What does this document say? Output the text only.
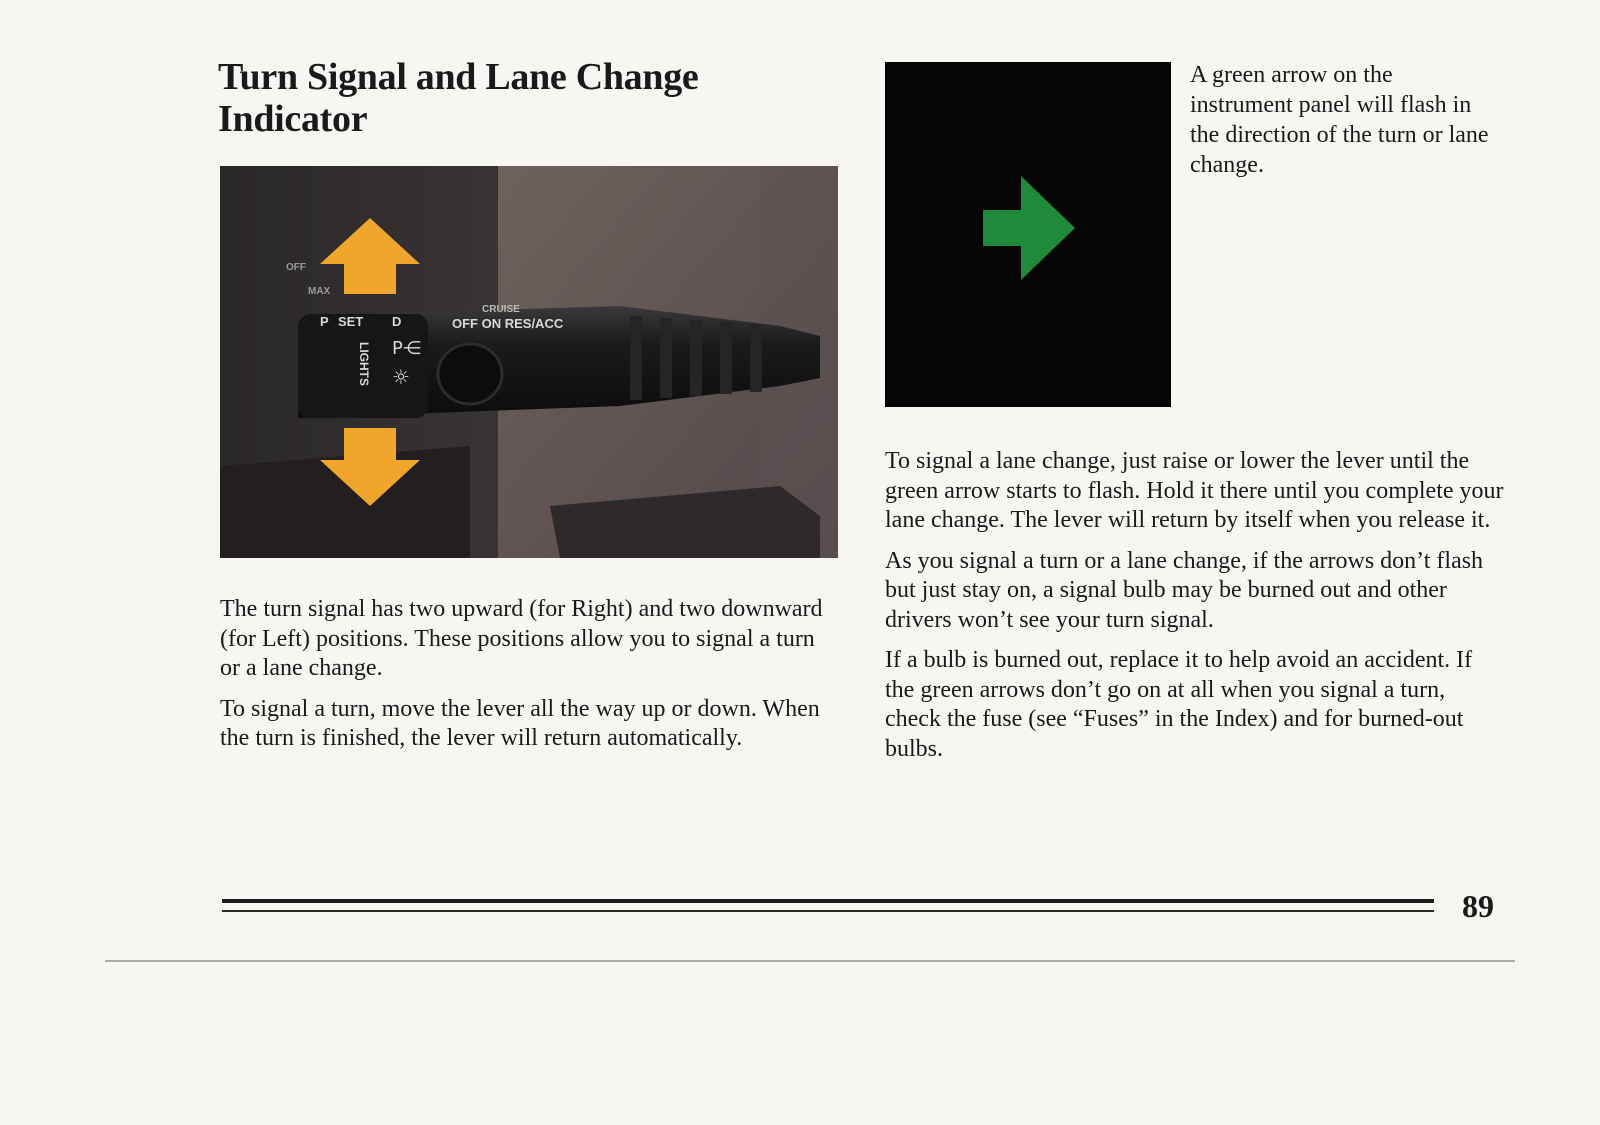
Turn Signal and Lane Change Indicator
P SET D
CRUISE
OFF ON RES/ACC
LIGHTS
OFF
MAX
P⋲
☼

A green arrow on the instrument panel will flash in the direction of the turn or lane change.

The turn signal has two upward (for Right) and two downward (for Left) positions. These positions allow you to signal a turn or a lane change.

To signal a turn, move the lever all the way up or down. When the turn is finished, the lever will return automatically.

To signal a lane change, just raise or lower the lever until the green arrow starts to flash. Hold it there until you complete your lane change. The lever will return by itself when you release it.

As you signal a turn or a lane change, if the arrows don’t flash but just stay on, a signal bulb may be burned out and other drivers won’t see your turn signal.

If a bulb is burned out, replace it to help avoid an accident. If the green arrows don’t go on at all when you signal a turn, check the fuse (see “Fuses” in the Index) and for burned-out bulbs.

89
